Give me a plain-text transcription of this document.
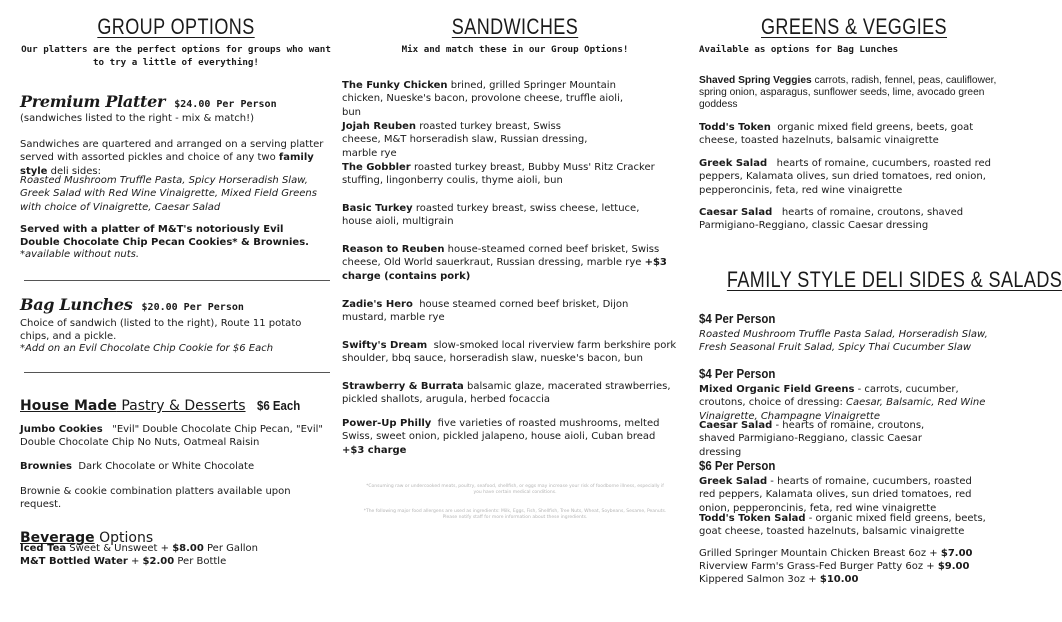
GROUP OPTIONS
Our platters are the perfect options for groups who want to try a little of everything!
Premium Platter $24.00 Per Person
(sandwiches listed to the right - mix & match!)
Sandwiches are quartered and arranged on a serving platter served with assorted pickles and choice of any two family style deli sides:
Roasted Mushroom Truffle Pasta, Spicy Horseradish Slaw, Greek Salad with Red Wine Vinaigrette, Mixed Field Greens with choice of Vinaigrette, Caesar Salad
Served with a platter of M&T's notoriously Evil Double Chocolate Chip Pecan Cookies* & Brownies.
*available without nuts.
Bag Lunches $20.00 Per Person
Choice of sandwich (listed to the right), Route 11 potato chips, and a pickle.
*Add on an Evil Chocolate Chip Cookie for $6 Each
House Made Pastry & Desserts $6 Each
Jumbo Cookies "Evil" Double Chocolate Chip Pecan, "Evil" Double Chocolate Chip No Nuts, Oatmeal Raisin
Brownies Dark Chocolate or White Chocolate
Brownie & cookie combination platters available upon request.
Beverage Options
Iced Tea Sweet & Unsweet + $8.00 Per Gallon
M&T Bottled Water + $2.00 Per Bottle
SANDWICHES
Mix and match these in our Group Options!
The Funky Chicken brined, grilled Springer Mountain chicken, Nueske's bacon, provolone cheese, truffle aioli, bun
Jojah Reuben roasted turkey breast, Swiss cheese, M&T horseradish slaw, Russian dressing, marble rye
The Gobbler roasted turkey breast, Bubby Muss' Ritz Cracker stuffing, lingonberry coulis, thyme aioli, bun
Basic Turkey roasted turkey breast, swiss cheese, lettuce, house aioli, multigrain
Reason to Reuben house-steamed corned beef brisket, Swiss cheese, Old World sauerkraut, Russian dressing, marble rye +$3 charge (contains pork)
Zadie's Hero house steamed corned beef brisket, Dijon mustard, marble rye
Swifty's Dream slow-smoked local riverview farm berkshire pork shoulder, bbq sauce, horseradish slaw, nueske's bacon, bun
Strawberry & Burrata balsamic glaze, macerated strawberries, pickled shallots, arugula, herbed focaccia
Power-Up Philly five varieties of roasted mushrooms, melted Swiss, sweet onion, pickled jalapeno, house aioli, Cuban bread +$3 charge
*Consuming raw or undercooked meats, poultry, seafood, shellfish, or eggs may increase your risk of foodborne illness, especially if you have certain medical conditions.
*The following major food allergens are used as ingredients: Milk, Eggs, Fish, Shellfish, Tree Nuts, Wheat, Soybeans, Sesame, Peanuts. Please notify staff for more information about these ingredients.
GREENS & VEGGIES
Available as options for Bag Lunches
Shaved Spring Veggies carrots, radish, fennel, peas, cauliflower, spring onion, asparagus, sunflower seeds, lime, avocado green goddess
Todd's Token organic mixed field greens, beets, goat cheese, toasted hazelnuts, balsamic vinaigrette
Greek Salad hearts of romaine, cucumbers, roasted red peppers, Kalamata olives, sun dried tomatoes, red onion, pepperoncinis, feta, red wine vinaigrette
Caesar Salad hearts of romaine, croutons, shaved Parmigiano-Reggiano, classic Caesar dressing
FAMILY STYLE DELI SIDES & SALADS
$4 Per Person
Roasted Mushroom Truffle Pasta Salad, Horseradish Slaw, Fresh Seasonal Fruit Salad, Spicy Thai Cucumber Slaw
$4 Per Person
Mixed Organic Field Greens - carrots, cucumber, croutons, choice of dressing: Caesar, Balsamic, Red Wine Vinaigrette, Champagne Vinaigrette
Caesar Salad - hearts of romaine, croutons, shaved Parmigiano-Reggiano, classic Caesar dressing
$6 Per Person
Greek Salad - hearts of romaine, cucumbers, roasted red peppers, Kalamata olives, sun dried tomatoes, red onion, pepperoncinis, feta, red wine vinaigrette
Todd's Token Salad - organic mixed field greens, beets, goat cheese, toasted hazelnuts, balsamic vinaigrette
Grilled Springer Mountain Chicken Breast 6oz + $7.00
Riverview Farm's Grass-Fed Burger Patty 6oz + $9.00
Kippered Salmon 3oz + $10.00
